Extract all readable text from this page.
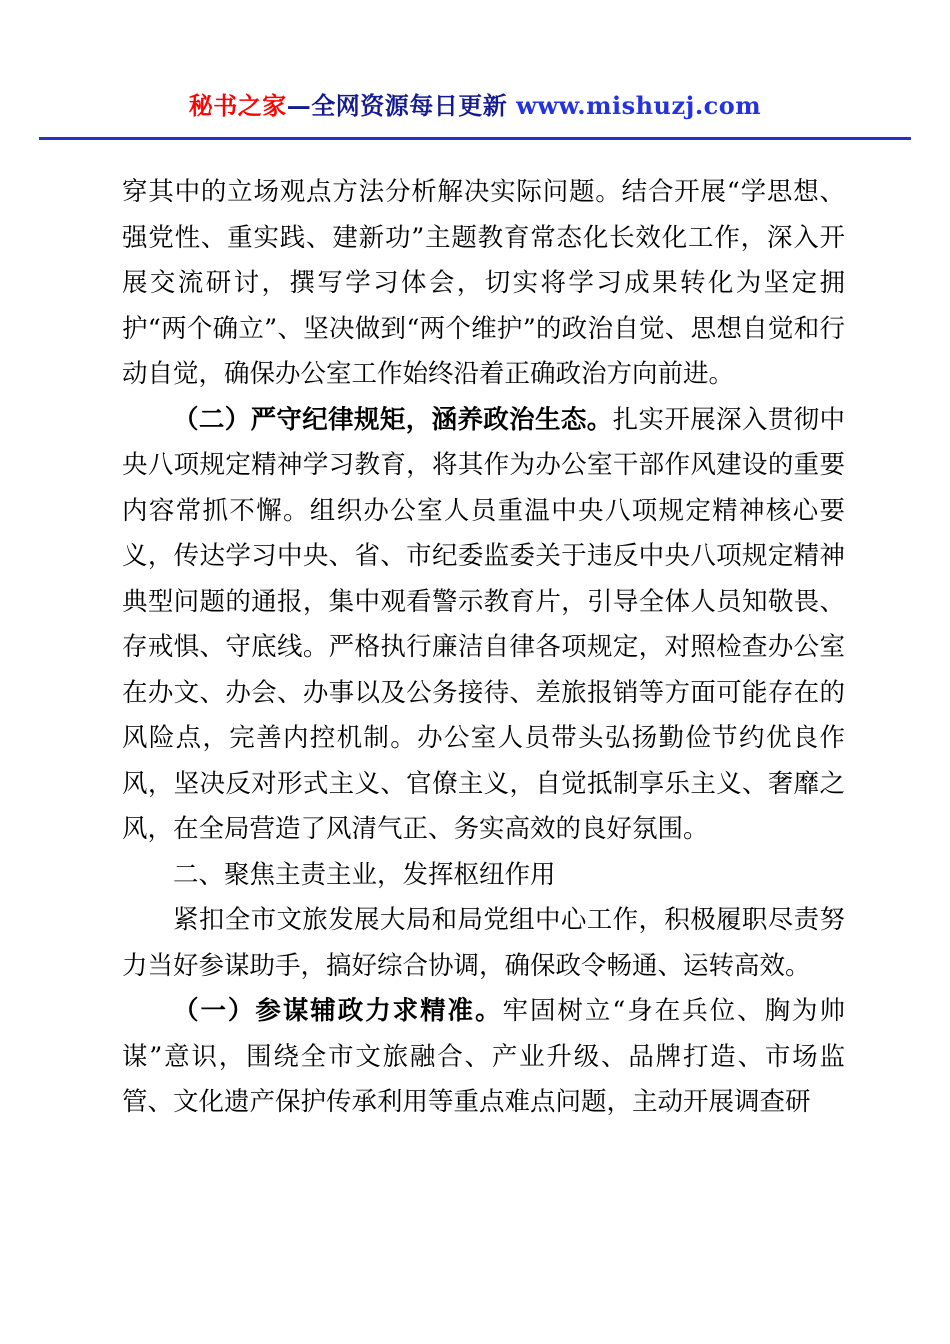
秘书之家—全网资源每日更新 www.mishuzj.com

穿其中的立场观点方法分析解决实际问题。结合开展“学思想、强党性、重实践、建新功”主题教育常态化长效化工作，深入开展交流研讨，撰写学习体会，切实将学习成果转化为坚定拥护“两个确立”、坚决做到“两个维护”的政治自觉、思想自觉和行动自觉，确保办公室工作始终沿着正确政治方向前进。

（二）严守纪律规矩，涵养政治生态。扎实开展深入贯彻中央八项规定精神学习教育，将其作为办公室干部作风建设的重要内容常抓不懈。组织办公室人员重温中央八项规定精神核心要义，传达学习中央、省、市纪委监委关于违反中央八项规定精神典型问题的通报，集中观看警示教育片，引导全体人员知敬畏、存戒惧、守底线。严格执行廉洁自律各项规定，对照检查办公室在办文、办会、办事以及公务接待、差旅报销等方面可能存在的风险点，完善内控机制。办公室人员带头弘扬勤俭节约优良作风，坚决反对形式主义、官僚主义，自觉抵制享乐主义、奢靡之风，在全局营造了风清气正、务实高效的良好氛围。

二、聚焦主责主业，发挥枢纽作用

紧扣全市文旅发展大局和局党组中心工作，积极履职尽责努力当好参谋助手，搞好综合协调，确保政令畅通、运转高效。

（一）参谋辅政力求精准。牢固树立“身在兵位、胸为帅谋”意识，围绕全市文旅融合、产业升级、品牌打造、市场监管、文化遗产保护传承利用等重点难点问题，主动开展调查研
